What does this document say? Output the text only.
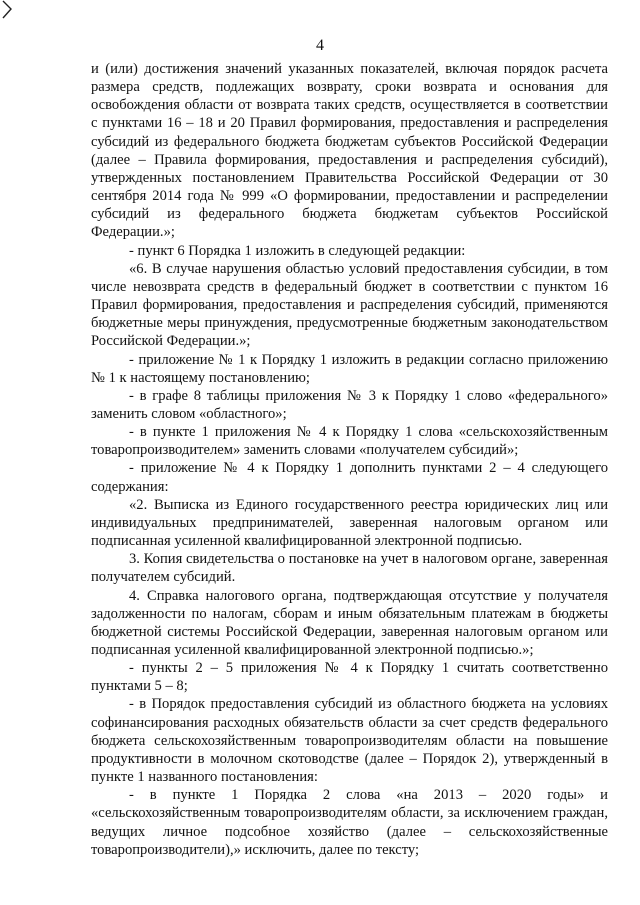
4

и (или) достижения значений указанных показателей, включая порядок расчета размера средств, подлежащих возврату, сроки возврата и основания для освобождения области от возврата таких средств, осуществляется в соответствии с пунктами 16 – 18 и 20 Правил формирования, предоставления и распределения субсидий из федерального бюджета бюджетам субъектов Российской Федерации (далее – Правила формирования, предоставления и распределения субсидий), утвержденных постановлением Правительства Российской Федерации от 30 сентября 2014 года № 999 «О формировании, предоставлении и распределении субсидий из федерального бюджета бюджетам субъектов Российской Федерации.»;

- пункт 6 Порядка 1 изложить в следующей редакции:

«6. В случае нарушения областью условий предоставления субсидии, в том числе невозврата средств в федеральный бюджет в соответствии с пунктом 16 Правил формирования, предоставления и распределения субсидий, применяются бюджетные меры принуждения, предусмотренные бюджетным законодательством Российской Федерации.»;

- приложение № 1 к Порядку 1 изложить в редакции согласно приложению № 1 к настоящему постановлению;

- в графе 8 таблицы приложения № 3 к Порядку 1 слово «федерального» заменить словом «областного»;

- в пункте 1 приложения № 4 к Порядку 1 слова «сельскохозяйственным товаропроизводителем» заменить словами «получателем субсидий»;

- приложение № 4 к Порядку 1 дополнить пунктами 2 – 4 следующего содержания:

«2. Выписка из Единого государственного реестра юридических лиц или индивидуальных предпринимателей, заверенная налоговым органом или подписанная усиленной квалифицированной электронной подписью.

3. Копия свидетельства о постановке на учет в налоговом органе, заверенная получателем субсидий.

4. Справка налогового органа, подтверждающая отсутствие у получателя задолженности по налогам, сборам и иным обязательным платежам в бюджеты бюджетной системы Российской Федерации, заверенная налоговым органом или подписанная усиленной квалифицированной электронной подписью.»;

- пункты 2 – 5 приложения № 4 к Порядку 1 считать соответственно пунктами 5 – 8;

- в Порядок предоставления субсидий из областного бюджета на условиях софинансирования расходных обязательств области за счет средств федерального бюджета сельскохозяйственным товаропроизводителям области на повышение продуктивности в молочном скотоводстве (далее – Порядок 2), утвержденный в пункте 1 названного постановления:

- в пункте 1 Порядка 2 слова «на 2013 – 2020 годы» и «сельскохозяйственным товаропроизводителям области, за исключением граждан, ведущих личное подсобное хозяйство (далее – сельскохозяйственные товаропроизводители),» исключить, далее по тексту;
